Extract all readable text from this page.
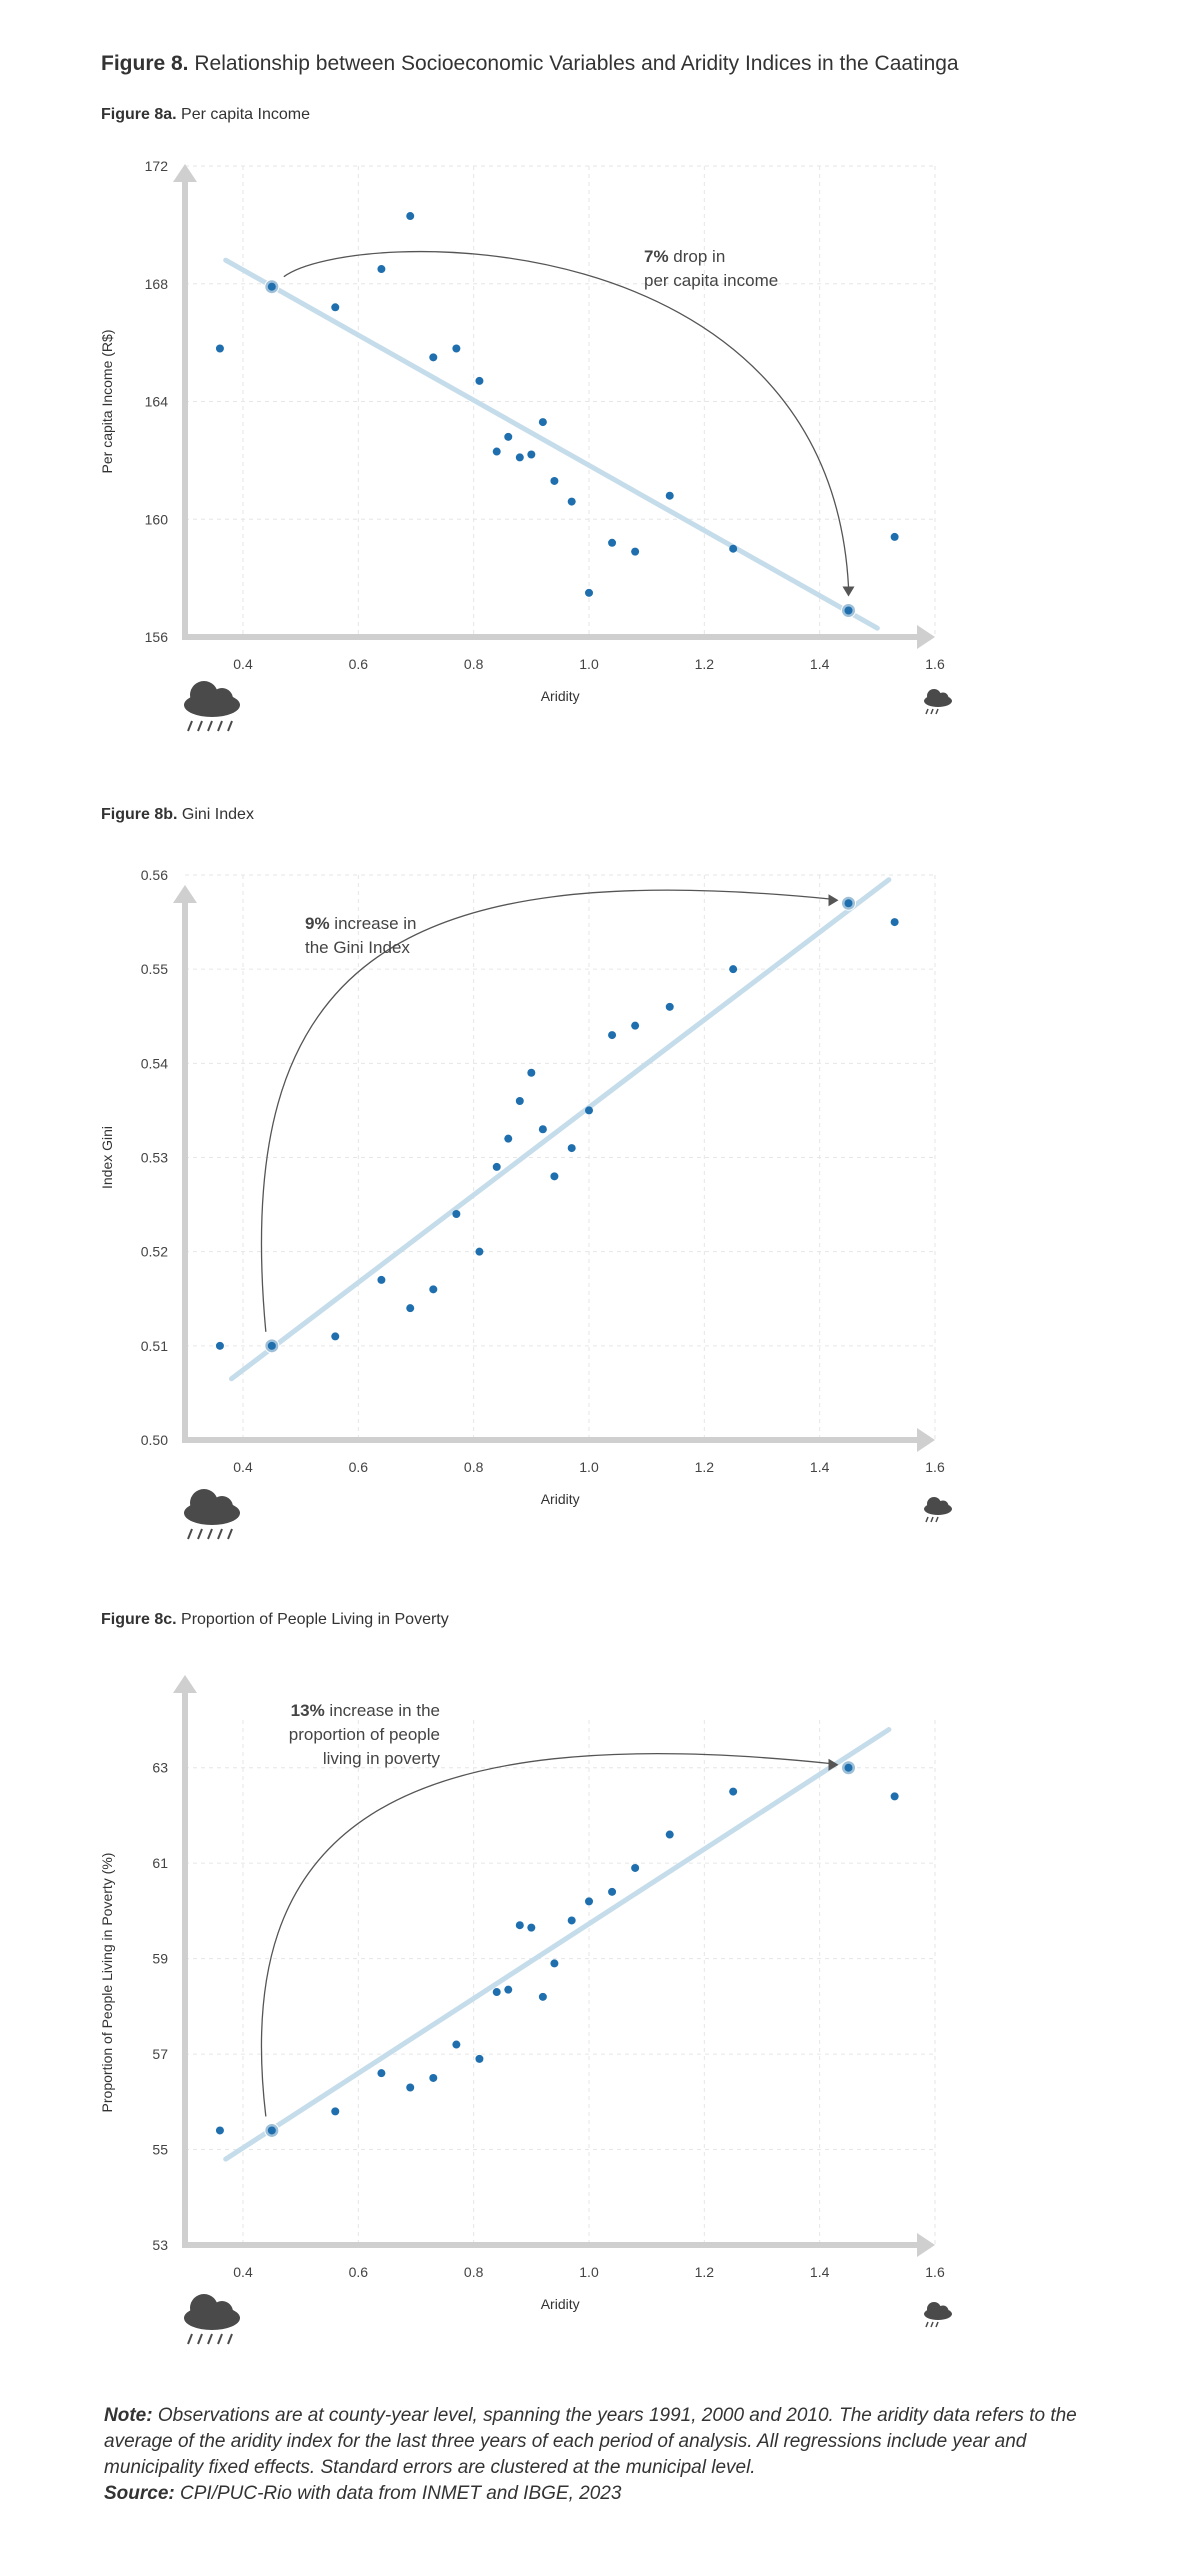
Figure 8. Relationship between Socioeconomic Variables and Aridity Indices in the Caatinga
Figure 8a. Per capita Income
156
160
164
168
172
0.4	0.6	0.8	1.0	1.2	1.4	1.6
Aridity
Per capita Income (R$)
7% drop in
per capita income
Figure 8b. Gini Index
0.50
0.51
0.52
0.53
0.54
0.55
0.56
0.4	0.6	0.8	1.0	1.2	1.4	1.6
Aridity
Index Gini
9% increase in
the Gini Index
Figure 8c. Proportion of People Living in Poverty
53
55
57
59
61
63
0.4	0.6	0.8	1.0	1.2	1.4	1.6
Aridity
Proportion of People Living in Poverty (%)
13% increase in the
proportion of people
living in poverty
Note: Observations are at county-year level, spanning the years 1991, 2000 and 2010. The aridity data refers to the average of the aridity index for the last three years of each period of analysis. All regressions include year and municipality fixed effects. Standard errors are clustered at the municipal level.
Source: CPI/PUC-Rio with data from INMET and IBGE, 2023
